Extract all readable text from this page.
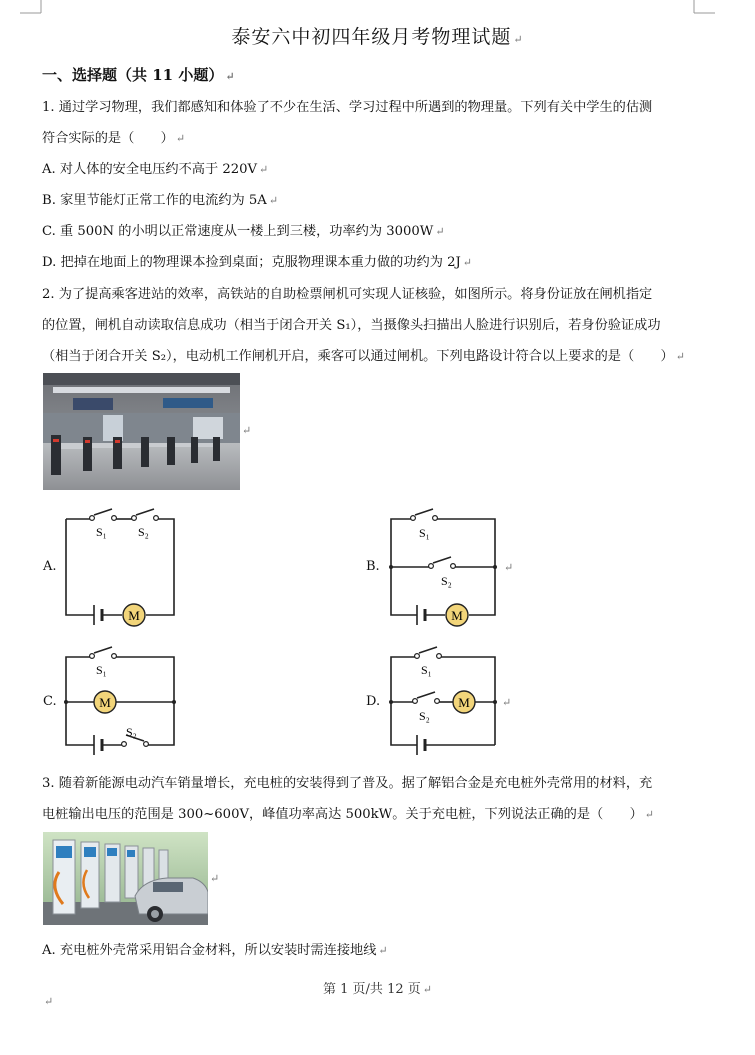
泰安六中初四年级月考物理试题 ↵
一、选择题（共 11 小题） ↵
1. 通过学习物理，我们都感知和体验了不少在生活、学习过程中所遇到的物理量。下列有关中学生的估测
符合实际的是（　　） ↵
A. 对人体的安全电压约不高于 220V ↵
B. 家里节能灯正常工作的电流约为 5A ↵
C. 重 500N 的小明以正常速度从一楼上到三楼，功率约为 3000W ↵
D. 把掉在地面上的物理课本捡到桌面；克服物理课本重力做的功约为 2J ↵
2. 为了提高乘客进站的效率，高铁站的自助检票闸机可实现人证核验，如图所示。将身份证放在闸机指定
的位置，闸机自动读取信息成功（相当于闭合开关 S₁），当摄像头扫描出人脸进行识别后，若身份验证成功
（相当于闭合开关 S₂），电动机工作闸机开启，乘客可以通过闸机。下列电路设计符合以上要求的是（　　） ↵
↵
A.	B.
C.	D.
M
S₁	S₂
M
S₁
S₂
↵
M
S₁
S₂
M
S₁
S₂
↵
3. 随着新能源电动汽车销量增长，充电桩的安装得到了普及。据了解铝合金是充电桩外壳常用的材料，充
电桩输出电压的范围是 300~600V，峰值功率高达 500kW。关于充电桩，下列说法正确的是（　　） ↵
↵
A. 充电桩外壳常采用铝合金材料，所以安装时需连接地线 ↵
第 1 页/共 12 页 ↵
↵
